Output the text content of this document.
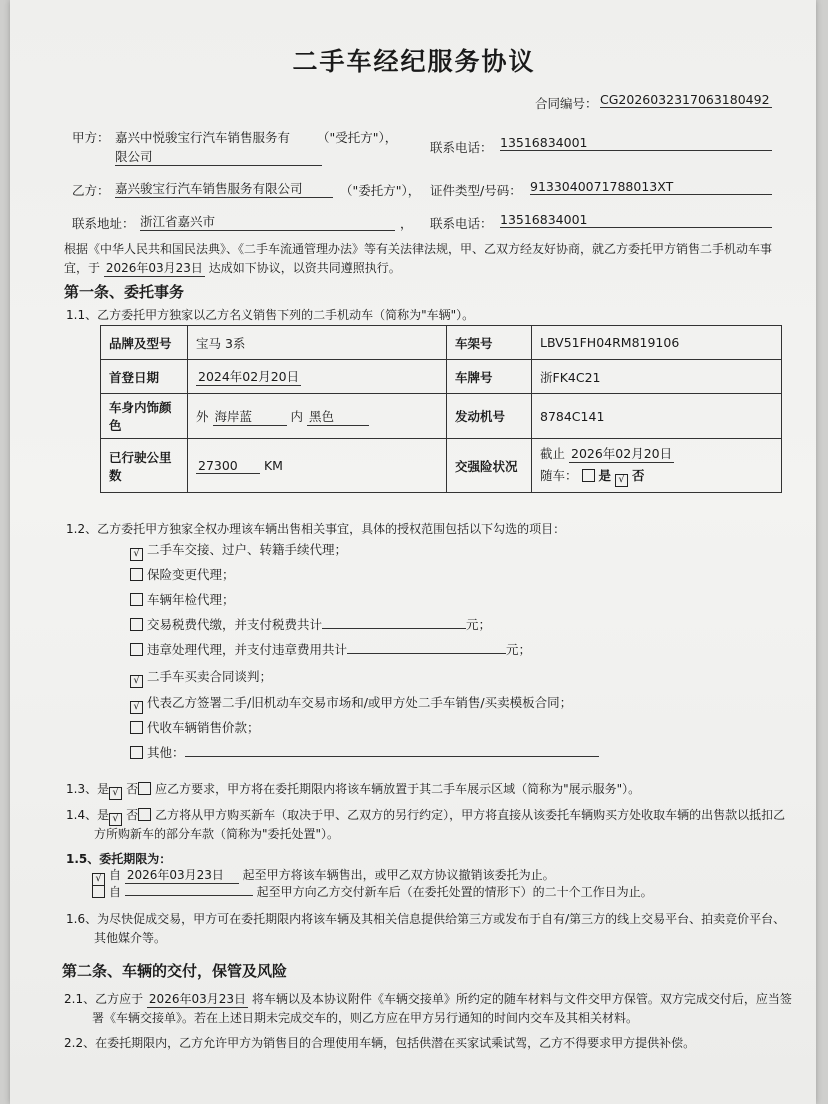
二手车经纪服务协议
合同编号： CG2026032317063180492
甲方： 嘉兴中悦骏宝行汽车销售服务有 （"受托方"），
限公司
联系电话： 13516834001
乙方： 嘉兴骏宝行汽车销售服务有限公司	（"委托方"）， 证件类型/号码： 9133040071788013XT
联系地址： 浙江省嘉兴市	， 联系电话： 13516834001
根据《中华人民共和国民法典》、《二手车流通管理办法》等有关法律法规，甲、乙双方经友好协商，就乙方委托甲方销售二手机动车事
宜，于 2026年03月23日 达成如下协议，以资共同遵照执行。
第一条、委托事务
1.1、乙方委托甲方独家以乙方名义销售下列的二手机动车（简称为"车辆"）。
品牌及型号	宝马 3系	车架号	LBV51FH04RM819106
首登日期	2024年02月20日	车牌号	浙FK4C21
车身内饰颜色	外 海岸蓝 内 黑色	发动机号	8784C141
已行驶公里数	27300 KM	交强险状况	截止 2026年02月20日
随车： 是 √ 否
1.2、乙方委托甲方独家全权办理该车辆出售相关事宜，具体的授权范围包括以下勾选的项目：
√ 二手车交接、过户、转籍手续代理；
保险变更代理；
车辆年检代理；
交易税费代缴，并支付税费共计	元；
违章处理代理，并支付违章费用共计	元；
√ 二手车买卖合同谈判；
√ 代表乙方签署二手/旧机动车交易市场和/或甲方处二手车销售/买卖模板合同；
代收车辆销售价款；
其他：
1.3、是 √ 否 应乙方要求，甲方将在委托期限内将该车辆放置于其二手车展示区域（简称为"展示服务"）。
1.4、是 √ 否 乙方将从甲方购买新车（取决于甲、乙双方的另行约定），甲方将直接从该委托车辆购买方处收取车辆的出售款以抵扣乙
方所购新车的部分车款（简称为"委托处置"）。
1.5、委托期限为：
√ 自 2026年03月23日 起至甲方将该车辆售出，或甲乙双方协议撤销该委托为止。
自	起至甲方向乙方交付新车后（在委托处置的情形下）的二十个工作日为止。
1.6、为尽快促成交易，甲方可在委托期限内将该车辆及其相关信息提供给第三方或发布于自有/第三方的线上交易平台、拍卖竞价平台、
其他媒介等。
第二条、车辆的交付，保管及风险
2.1、乙方应于 2026年03月23日 将车辆以及本协议附件《车辆交接单》所约定的随车材料与文件交甲方保管。双方完成交付后，应当签
署《车辆交接单》。若在上述日期未完成交车的，则乙方应在甲方另行通知的时间内交车及其相关材料。
2.2、在委托期限内，乙方允许甲方为销售目的合理使用车辆，包括供潜在买家试乘试驾，乙方不得要求甲方提供补偿。
